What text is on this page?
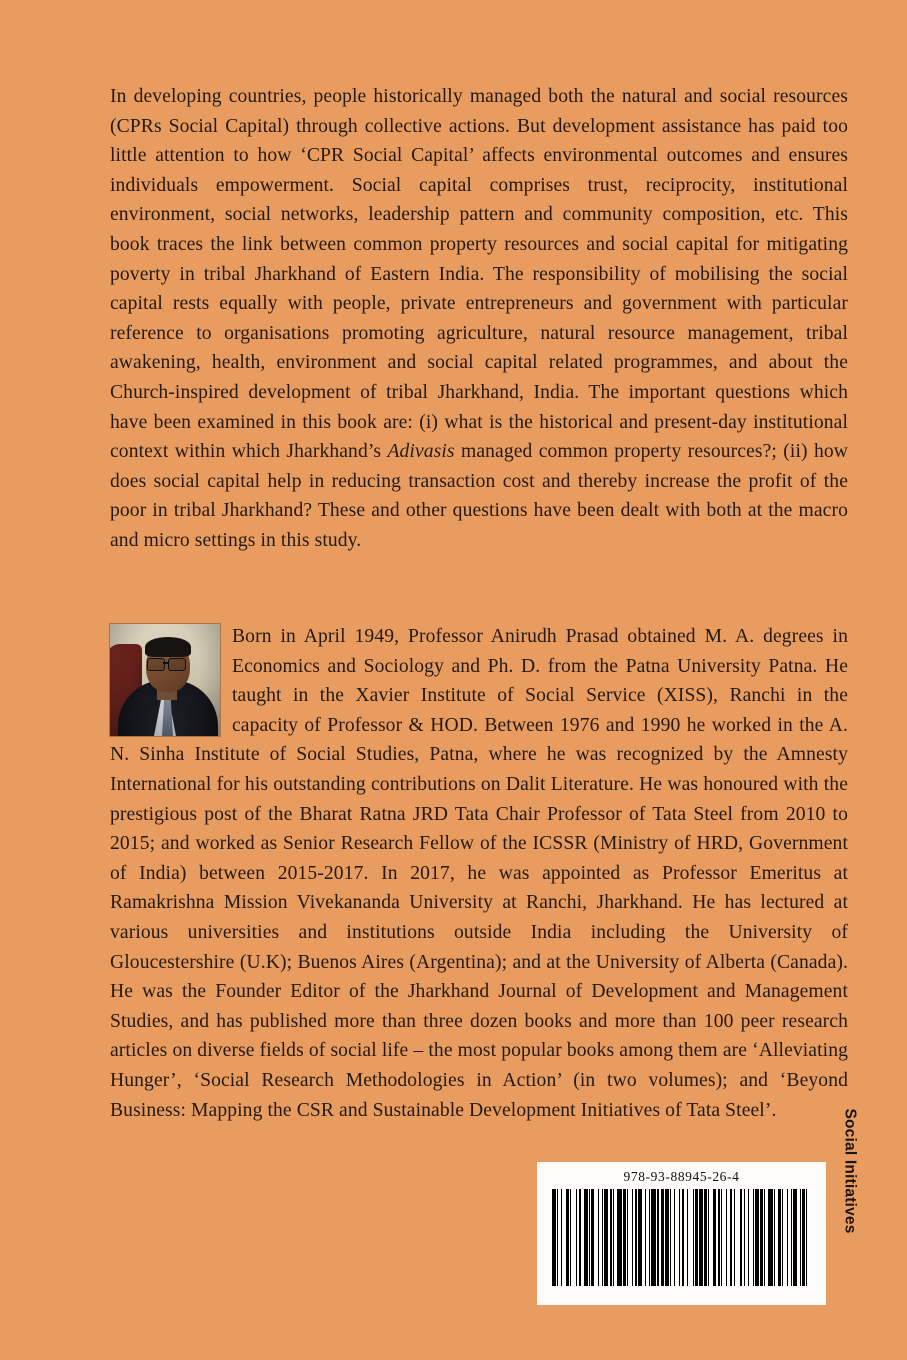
In developing countries, people historically managed both the natural and social resources (CPRs Social Capital) through collective actions. But development assistance has paid too little attention to how ‘CPR Social Capital’ affects environmental outcomes and ensures individuals empowerment. Social capital comprises trust, reciprocity, institutional environment, social networks, leadership pattern and community composition, etc. This book traces the link between common property resources and social capital for mitigating poverty in tribal Jharkhand of Eastern India. The responsibility of mobilising the social capital rests equally with people, private entrepreneurs and government with particular reference to organisations promoting agriculture, natural resource management, tribal awakening, health, environment and social capital related programmes, and about the Church-inspired development of tribal Jharkhand, India. The important questions which have been examined in this book are: (i) what is the historical and present-day institutional context within which Jharkhand’s Adivasis managed common property resources?; (ii) how does social capital help in reducing transaction cost and thereby increase the profit of the poor in tribal Jharkhand? These and other questions have been dealt with both at the macro and micro settings in this study.

Born in April 1949, Professor Anirudh Prasad obtained M. A. degrees in Economics and Sociology and Ph. D. from the Patna University Patna. He taught in the Xavier Institute of Social Service (XISS), Ranchi in the capacity of Professor & HOD. Between 1976 and 1990 he worked in the A. N. Sinha Institute of Social Studies, Patna, where he was recognized by the Amnesty International for his outstanding contributions on Dalit Literature. He was honoured with the prestigious post of the Bharat Ratna JRD Tata Chair Professor of Tata Steel from 2010 to 2015; and worked as Senior Research Fellow of the ICSSR (Ministry of HRD, Government of India) between 2015-2017. In 2017, he was appointed as Professor Emeritus at Ramakrishna Mission Vivekananda University at Ranchi, Jharkhand. He has lectured at various universities and institutions outside India including the University of Gloucestershire (U.K); Buenos Aires (Argentina); and at the University of Alberta (Canada). He was the Founder Editor of the Jharkhand Journal of Development and Management Studies, and has published more than three dozen books and more than 100 peer research articles on diverse fields of social life – the most popular books among them are ‘Alleviating Hunger’, ‘Social Research Methodologies in Action’ (in two volumes); and ‘Beyond Business: Mapping the CSR and Sustainable Development Initiatives of Tata Steel’.

978-93-88945-26-4	Social Initiatives
